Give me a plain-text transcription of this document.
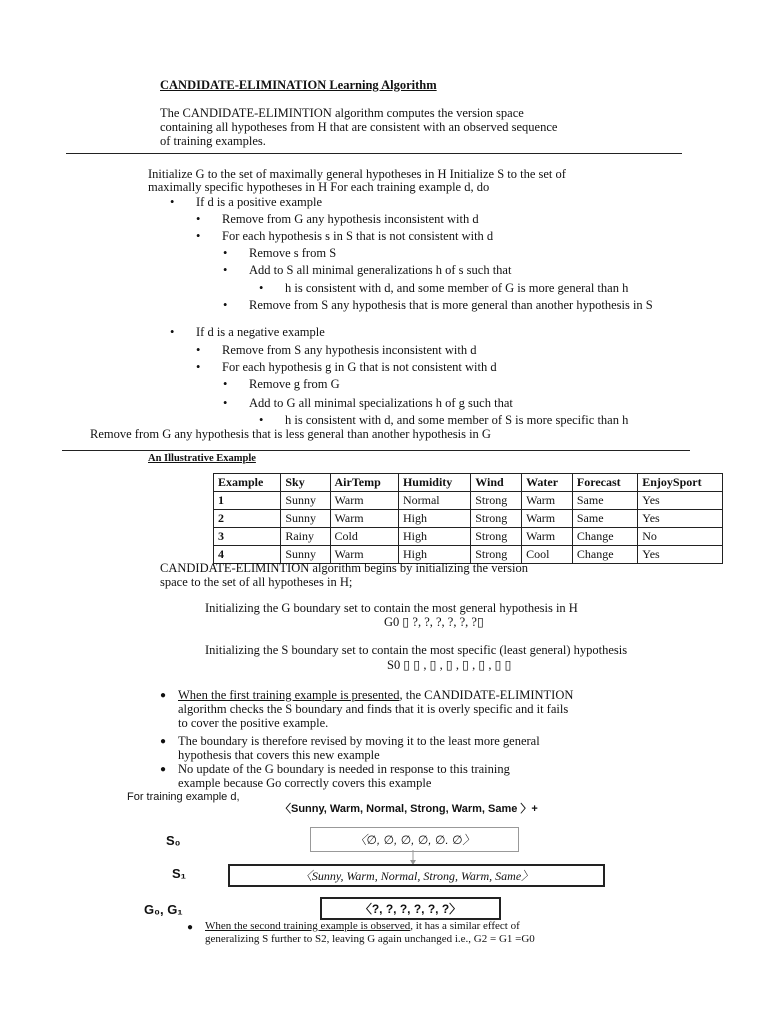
CANDIDATE-ELIMINATION Learning Algorithm
The CANDIDATE-ELIMINTION algorithm computes the version space
containing all hypotheses from H that are consistent with an observed sequence
of training examples.
Initialize G to the set of maximally general hypotheses in H Initialize S to the set of
maximally specific hypotheses in H For each training example d, do
• If d is a positive example
• Remove from G any hypothesis inconsistent with d
• For each hypothesis s in S that is not consistent with d
• Remove s from S
• Add to S all minimal generalizations h of s such that
• h is consistent with d, and some member of G is more general than h
• Remove from S any hypothesis that is more general than another hypothesis in S
• If d is a negative example
• Remove from S any hypothesis inconsistent with d
• For each hypothesis g in G that is not consistent with d
• Remove g from G
• Add to G all minimal specializations h of g such that
• h is consistent with d, and some member of S is more specific than h
Remove from G any hypothesis that is less general than another hypothesis in G
An Illustrative Example
Example	Sky	AirTemp	Humidity	Wind	Water	Forecast	EnjoySport
1	Sunny	Warm	Normal	Strong	Warm	Same	Yes
2	Sunny	Warm	High	Strong	Warm	Same	Yes
3	Rainy	Cold	High	Strong	Warm	Change	No
4	Sunny	Warm	High	Strong	Cool	Change	Yes
CANDIDATE-ELIMINTION algorithm begins by initializing the version
space to the set of all hypotheses in H;
Initializing the G boundary set to contain the most general hypothesis in H
G0 ▯ ?, ?, ?, ?, ?, ?▯
Initializing the S boundary set to contain the most specific (least general) hypothesis
S0 ▯ ▯ , ▯ , ▯ , ▯ , ▯ , ▯ ▯
● When the first training example is presented, the CANDIDATE-ELIMINTION
algorithm checks the S boundary and finds that it is overly specific and it fails
to cover the positive example.
● The boundary is therefore revised by moving it to the least more general
hypothesis that covers this new example
● No update of the G boundary is needed in response to this training
example because Go correctly covers this example
For training example d,
〈Sunny, Warm, Normal, Strong, Warm, Same 〉+
S₀	〈∅, ∅, ∅, ∅, ∅. ∅〉
S₁	〈Sunny, Warm, Normal, Strong, Warm, Same〉
G₀, G₁	〈?, ?, ?, ?, ?, ?〉
● When the second training example is observed, it has a similar effect of
generalizing S further to S2, leaving G again unchanged i.e., G2 = G1 =G0
